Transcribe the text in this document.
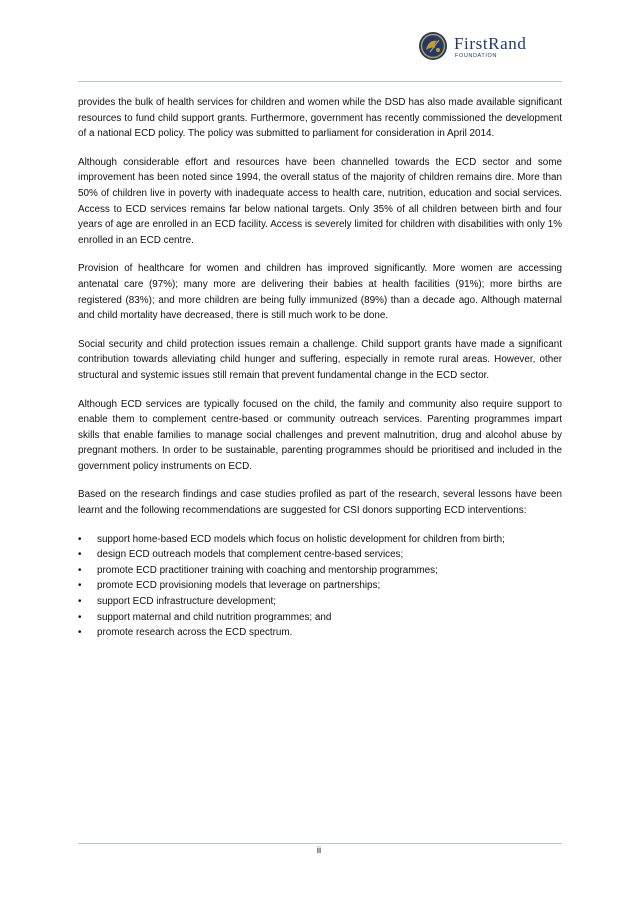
FirstRand
FOUNDATION

provides the bulk of health services for children and women while the DSD has also made available significant resources to fund child support grants. Furthermore, government has recently commissioned the development of a national ECD policy. The policy was submitted to parliament for consideration in April 2014.

Although considerable effort and resources have been channelled towards the ECD sector and some improvement has been noted since 1994, the overall status of the majority of children remains dire. More than 50% of children live in poverty with inadequate access to health care, nutrition, education and social services. Access to ECD services remains far below national targets. Only 35% of all children between birth and four years of age are enrolled in an ECD facility. Access is severely limited for children with disabilities with only 1% enrolled in an ECD centre.

Provision of healthcare for women and children has improved significantly. More women are accessing antenatal care (97%); many more are delivering their babies at health facilities (91%); more births are registered (83%); and more children are being fully immunized (89%) than a decade ago. Although maternal and child mortality have decreased, there is still much work to be done.

Social security and child protection issues remain a challenge. Child support grants have made a significant contribution towards alleviating child hunger and suffering, especially in remote rural areas. However, other structural and systemic issues still remain that prevent fundamental change in the ECD sector.

Although ECD services are typically focused on the child, the family and community also require support to enable them to complement centre-based or community outreach services. Parenting programmes impart skills that enable families to manage social challenges and prevent malnutrition, drug and alcohol abuse by pregnant mothers. In order to be sustainable, parenting programmes should be prioritised and included in the government policy instruments on ECD.

Based on the research findings and case studies profiled as part of the research, several lessons have been learnt and the following recommendations are suggested for CSI donors supporting ECD interventions:

• support home-based ECD models which focus on holistic development for children from birth;
• design ECD outreach models that complement centre-based services;
• promote ECD practitioner training with coaching and mentorship programmes;
• promote ECD provisioning models that leverage on partnerships;
• support ECD infrastructure development;
• support maternal and child nutrition programmes; and
• promote research across the ECD spectrum.
ii
